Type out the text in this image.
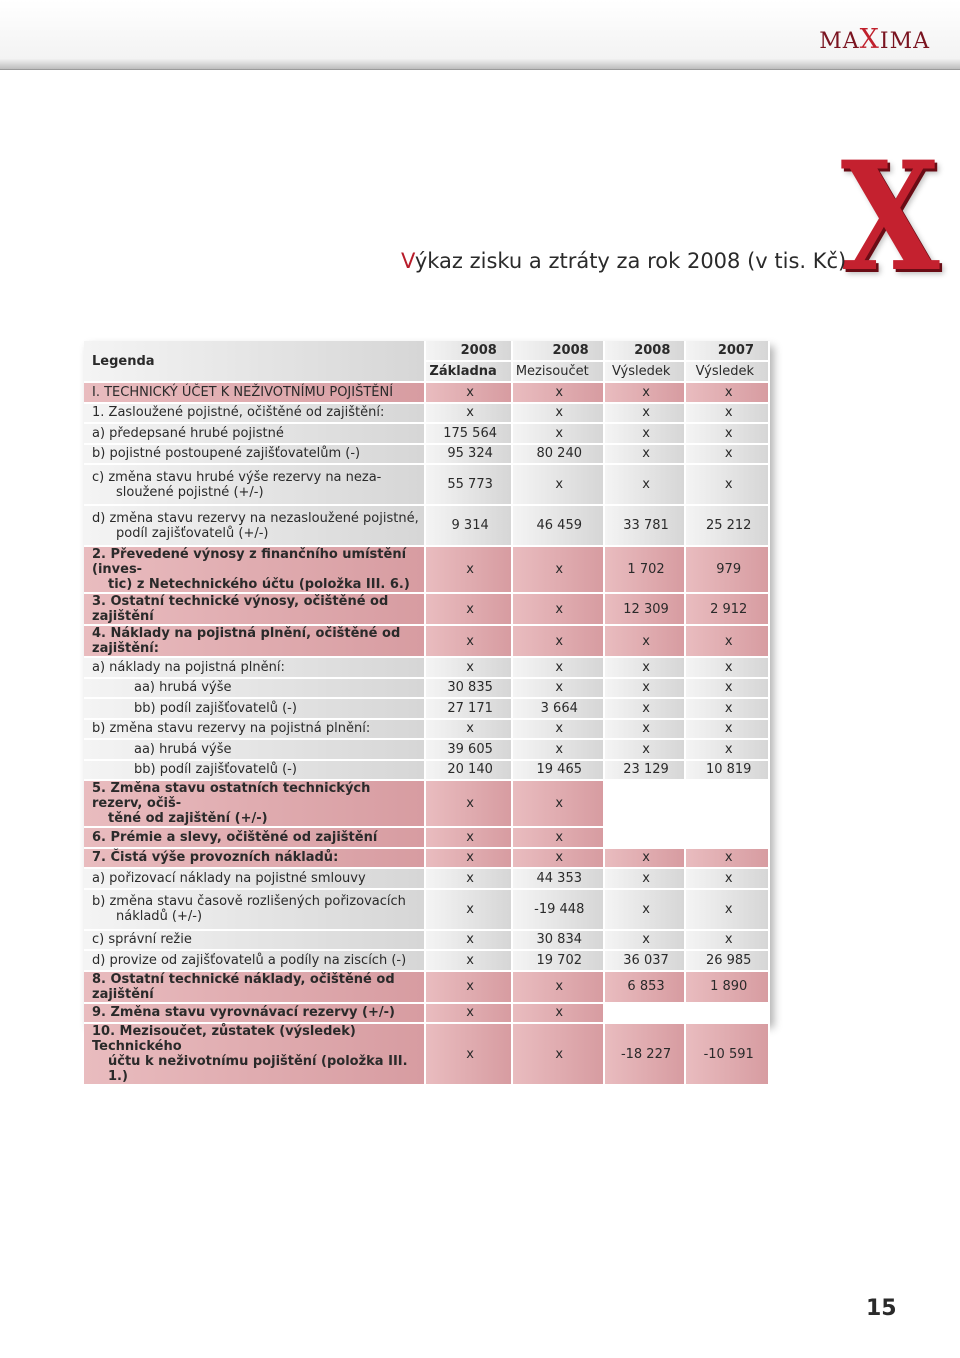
MAXIMA
X
Výkaz zisku a ztráty za rok 2008 (v tis. Kč)
Legenda	2008	2008	2008	2007
	Základna	Mezisoučet	Výsledek	Výsledek
I. TECHNICKÝ ÚČET K NEŽIVOTNÍMU POJIŠTĚNÍ	x	x	x	x
1. Zasloužené pojistné, očištěné od zajištění:	x	x	x	x
a) předepsané hrubé pojistné	175 564	x	x	x
b) pojistné postoupené zajišťovatelům (-)	95 324	80 240	x	x
c) změna stavu hrubé výše rezervy na neza-
sloužené pojistné (+/-)	55 773	x	x	x
d) změna stavu rezervy na nezasloužené pojistné,
podíl zajišťovatelů (+/-)	9 314	46 459	33 781	25 212
2. Převedené výnosy z finančního umístění (inves-
tic) z Netechnického účtu (položka III. 6.)	x	x	1 702	979
3. Ostatní technické výnosy, očištěné od zajištění	x	x	12 309	2 912
4. Náklady na pojistná plnění, očištěné od zajištění:	x	x	x	x
a) náklady na pojistná plnění:	x	x	x	x
aa) hrubá výše	30 835	x	x	x
bb) podíl zajišťovatelů (-)	27 171	3 664	x	x
b) změna stavu rezervy na pojistná plnění:	x	x	x	x
aa) hrubá výše	39 605	x	x	x
bb) podíl zajišťovatelů (-)	20 140	19 465	23 129	10 819
5. Změna stavu ostatních technických rezerv, očiš-
těné od zajištění (+/-)	x	x		
6. Prémie a slevy, očištěné od zajištění	x	x		
7. Čistá výše provozních nákladů:	x	x	x	x
a) pořizovací náklady na pojistné smlouvy	x	44 353	x	x
b) změna stavu časově rozlišených pořizovacích
nákladů (+/-)	x	-19 448	x	x
c) správní režie	x	30 834	x	x
d) provize od zajišťovatelů a podíly na ziscích (-)	x	19 702	36 037	26 985
8. Ostatní technické náklady, očištěné od zajištění	x	x	6 853	1 890
9. Změna stavu vyrovnávací rezervy (+/-)	x	x		
10. Mezisoučet, zůstatek (výsledek) Technického
účtu k neživotnímu pojištění (položka III. 1.)	x	x	-18 227	-10 591
15
